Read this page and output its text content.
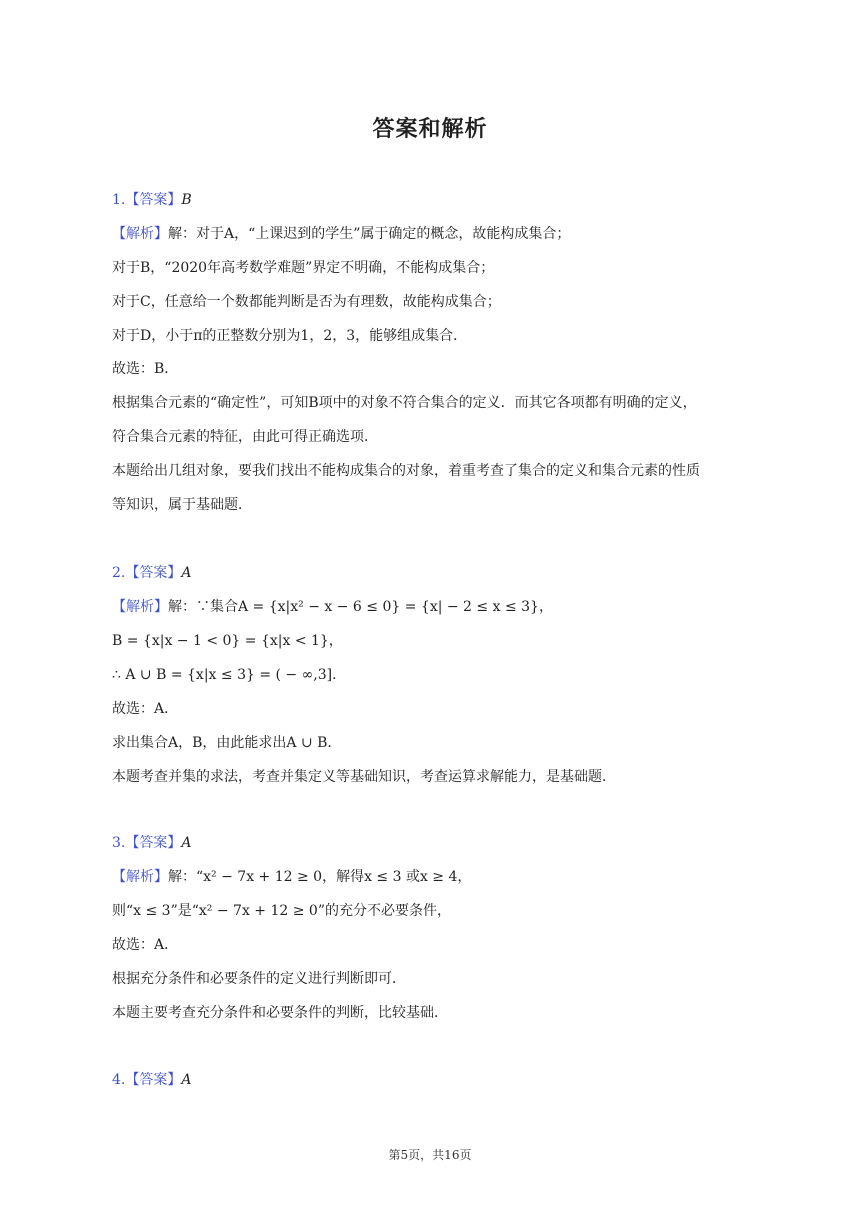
答案和解析
1.【答案】B
【解析】解：对于A，“上课迟到的学生”属于确定的概念，故能构成集合；
对于B，“2020年高考数学难题”界定不明确，不能构成集合；
对于C，任意给一个数都能判断是否为有理数，故能构成集合；
对于D，小于π的正整数分别为1，2，3，能够组成集合．
故选：B．
根据集合元素的“确定性”，可知B项中的对象不符合集合的定义．而其它各项都有明确的定义，
符合集合元素的特征，由此可得正确选项．
本题给出几组对象，要我们找出不能构成集合的对象，着重考查了集合的定义和集合元素的性质
等知识，属于基础题．
2.【答案】A
【解析】解：∵集合A = {x|x² − x − 6 ≤ 0} = {x| − 2 ≤ x ≤ 3}，
B = {x|x − 1 < 0} = {x|x < 1}，
∴ A ∪ B = {x|x ≤ 3} = ( − ∞,3]．
故选：A．
求出集合A，B，由此能求出A ∪ B．
本题考查并集的求法，考查并集定义等基础知识，考查运算求解能力，是基础题．
3.【答案】A
【解析】解：“x² − 7x + 12 ≥ 0，解得x ≤ 3 或x ≥ 4，
则“x ≤ 3”是“x² − 7x + 12 ≥ 0”的充分不必要条件，
故选：A．
根据充分条件和必要条件的定义进行判断即可．
本题主要考查充分条件和必要条件的判断，比较基础．
4.【答案】A
第5页，共16页
